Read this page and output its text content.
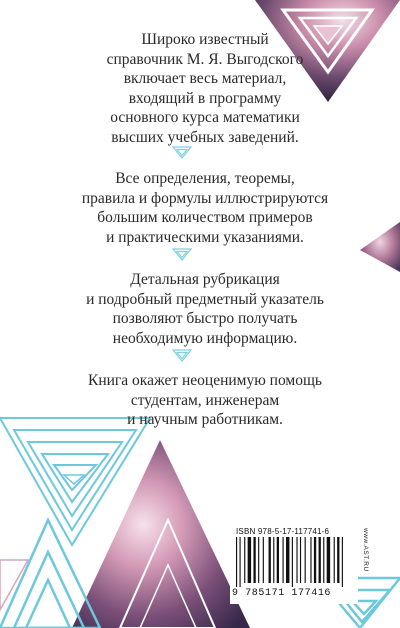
Широко известный
справочник М. Я. Выгодского
включает весь материал,
входящий в программу
основного курса математики
высших учебных заведений.
Все определения, теоремы,
правила и формулы иллюстрируются
большим количеством примеров
и практическими указаниями.
Детальная рубрикация
и подробный предметный указатель
позволяют быстро получать
необходимую информацию.
Книга окажет неоценимую помощь
студентам, инженерам
и научным работникам.
ISBN 978-5-17-117741-6
9 785171 177416
www.AST.RU
